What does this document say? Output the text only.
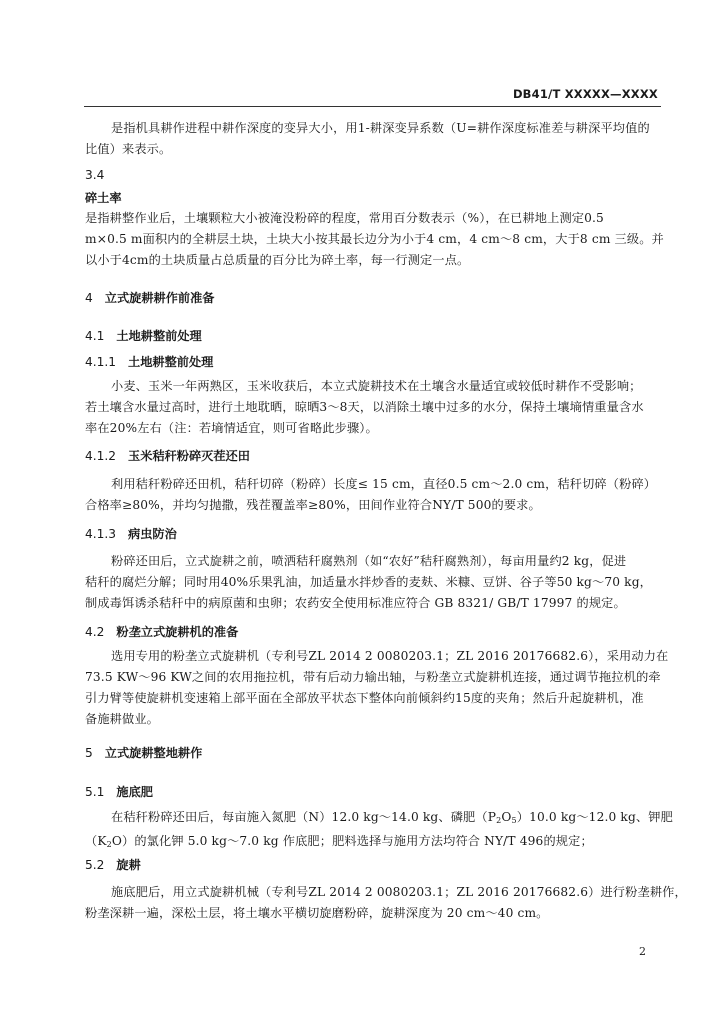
DB41/T XXXXX—XXXX
是指机具耕作进程中耕作深度的变异大小，用1-耕深变异系数（U=耕作深度标准差与耕深平均值的
比值）来表示。
3.4
碎土率
是指耕整作业后，土壤颗粒大小被淹没粉碎的程度，常用百分数表示（%），在已耕地上测定0.5
m×0.5 m面积内的全耕层土块，土块大小按其最长边分为小于4 cm，4 cm～8 cm，大于8 cm 三级。并
以小于4cm的土块质量占总质量的百分比为碎土率，每一行测定一点。
4 立式旋耕耕作前准备
4.1 土地耕整前处理
4.1.1 土地耕整前处理
小麦、玉米一年两熟区，玉米收获后，本立式旋耕技术在土壤含水量适宜或较低时耕作不受影响；
若土壤含水量过高时，进行土地耽晒，晾晒3～8天，以消除土壤中过多的水分，保持土壤墒情重量含水
率在20%左右（注：若墒情适宜，则可省略此步骤）。
4.1.2 玉米秸秆粉碎灭茬还田
利用秸秆粉碎还田机，秸秆切碎（粉碎）长度≤ 15 cm，直径0.5 cm～2.0 cm，秸秆切碎（粉碎）
合格率≥80%，并均匀抛撒，残茬覆盖率≥80%，田间作业符合NY/T 500的要求。
4.1.3 病虫防治
粉碎还田后，立式旋耕之前，喷洒秸秆腐熟剂（如“农好”秸秆腐熟剂），每亩用量约2 kg，促进
秸秆的腐烂分解；同时用40%乐果乳油，加适量水拌炒香的麦麸、米糠、豆饼、谷子等50 kg～70 kg，
制成毒饵诱杀秸秆中的病原菌和虫卵；农药安全使用标准应符合 GB 8321/ GB/T 17997 的规定。
4.2 粉垄立式旋耕机的准备
选用专用的粉垄立式旋耕机（专利号ZL 2014 2 0080203.1；ZL 2016 20176682.6），采用动力在
73.5 KW～96 KW之间的农用拖拉机，带有后动力输出轴，与粉垄立式旋耕机连接，通过调节拖拉机的牵
引力臂等使旋耕机变速箱上部平面在全部放平状态下整体向前倾斜约15度的夹角；然后升起旋耕机，准
备施耕做业。
5 立式旋耕整地耕作
5.1 施底肥
在秸秆粉碎还田后，每亩施入氮肥（N）12.0 kg～14.0 kg、磷肥$(P_2O_5)10.0$ kg～12.0 kg、钾肥
$(K_2O)$的氯化钾 5.0 kg～7.0 kg 作底肥；肥料选择与施用方法均符合 NY/T 496的规定；
5.2 旋耕
施底肥后，用立式旋耕机械（专利号ZL 2014 2 0080203.1；ZL 2016 20176682.6）进行粉垄耕作，
粉垄深耕一遍，深松土层，将土壤水平横切旋磨粉碎，旋耕深度为 20 cm～40 cm。
2
